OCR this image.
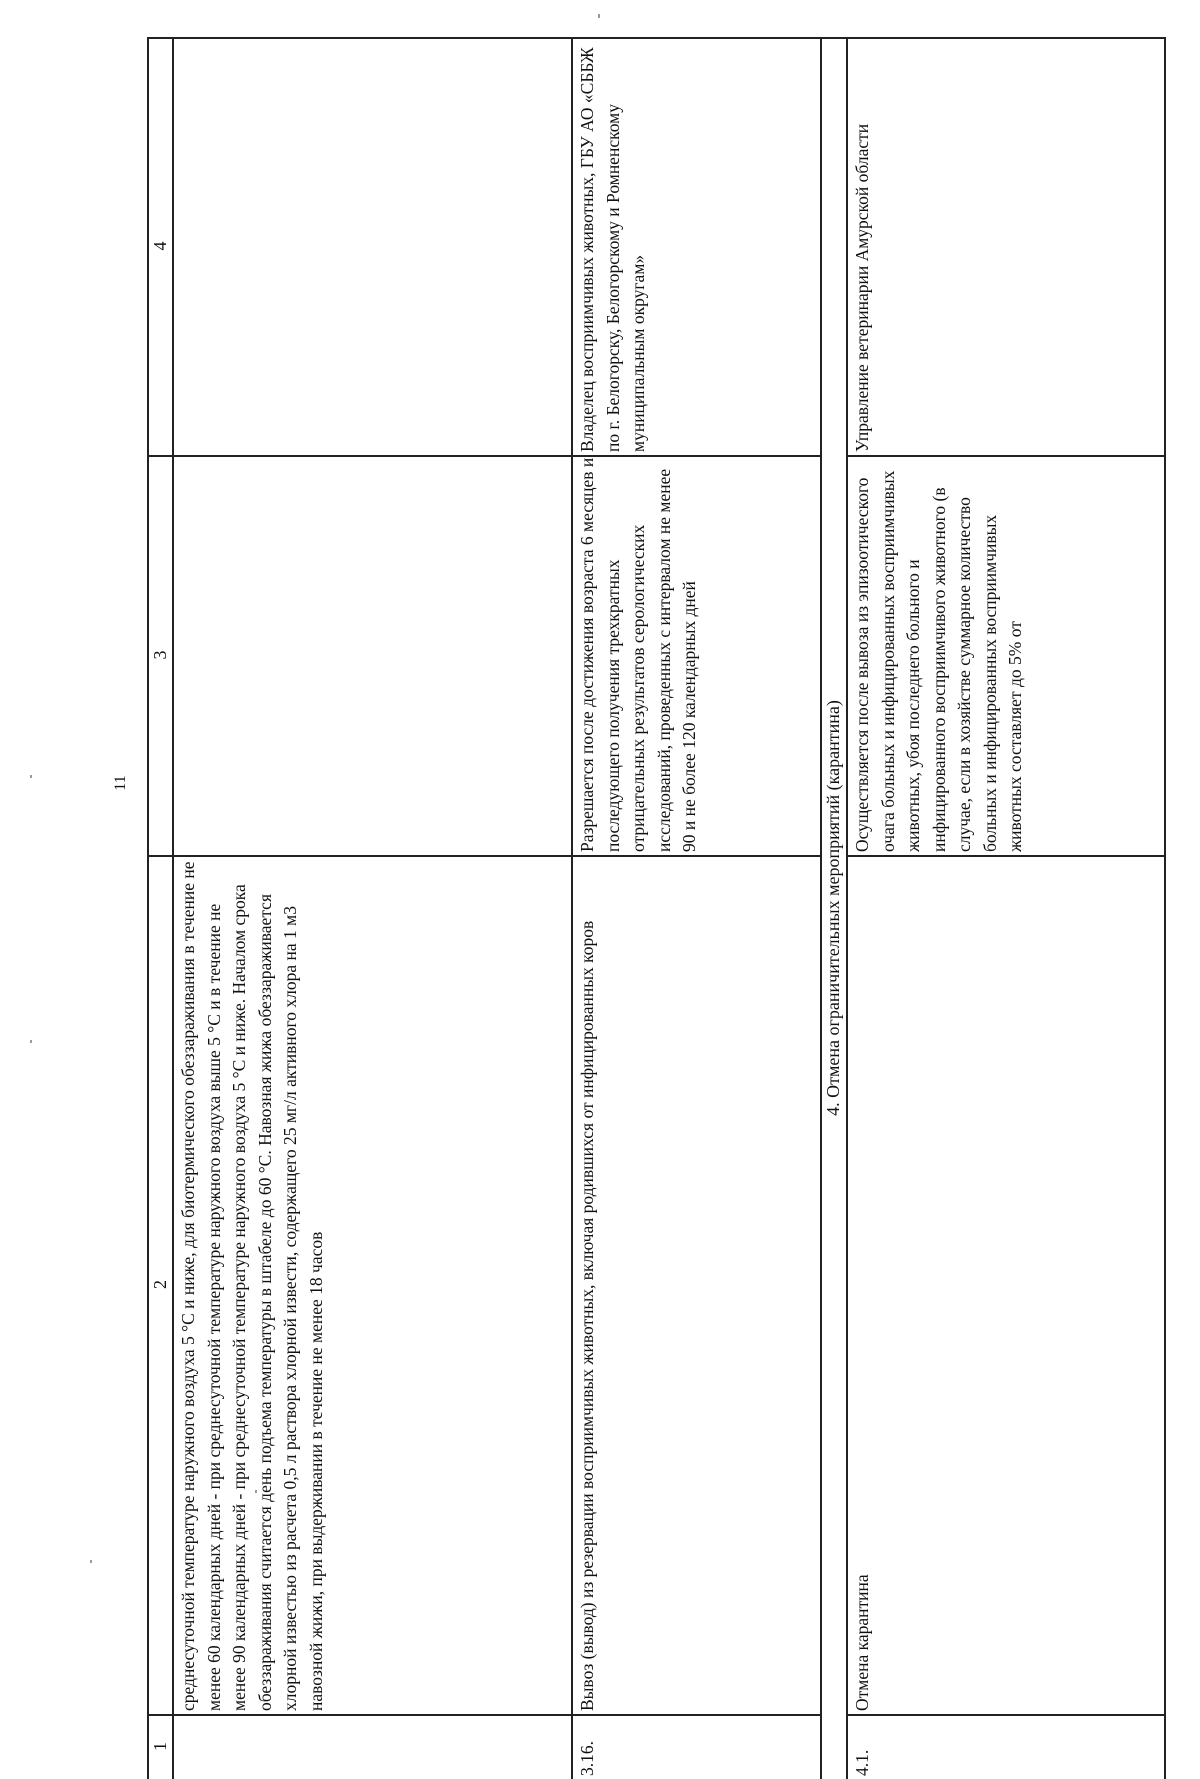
11
1
2
3
4
среднесуточной температуре наружного воздуха 5 °С и ниже, для биотермического обеззараживания в течение не менее 60 календарных дней - при среднесуточной температуре наружного воздуха выше 5 °С и в течение не менее 90 календарных дней - при среднесуточной температуре наружного воздуха 5 °С и ниже. Началом срока обеззараживания считается день подъема температуры в штабеле до 60 °С. Навозная жижа обеззараживается хлорной известью из расчета 0,5 л раствора хлорной извести, содержащего 25 мг/л активного хлора на 1 м3 навозной жижи, при выдерживании в течение не менее 18 часов
3.16.
Вывоз (вывод) из резервации восприимчивых животных, включая родившихся от инфицированных коров
Разрешается после достижения возраста 6 месяцев и последующего получения трехкратных отрицательных результатов серологических исследований, проведенных с интервалом не менее 90 и не более 120 календарных дней
Владелец восприимчивых животных, ГБУ АО «СББЖ по г. Белогорску, Белогорскому и Ромненскому муниципальным округам»
4. Отмена ограничительных мероприятий (карантина)
4.1.
Отмена карантина
Осуществляется после вывоза из эпизоотического очага больных и инфицированных восприимчивых животных, убоя последнего больного и инфицированного восприимчивого животного (в случае, если в хозяйстве суммарное количество больных и инфицированных восприимчивых животных составляет до 5% от
Управление ветеринарии Амурской области
